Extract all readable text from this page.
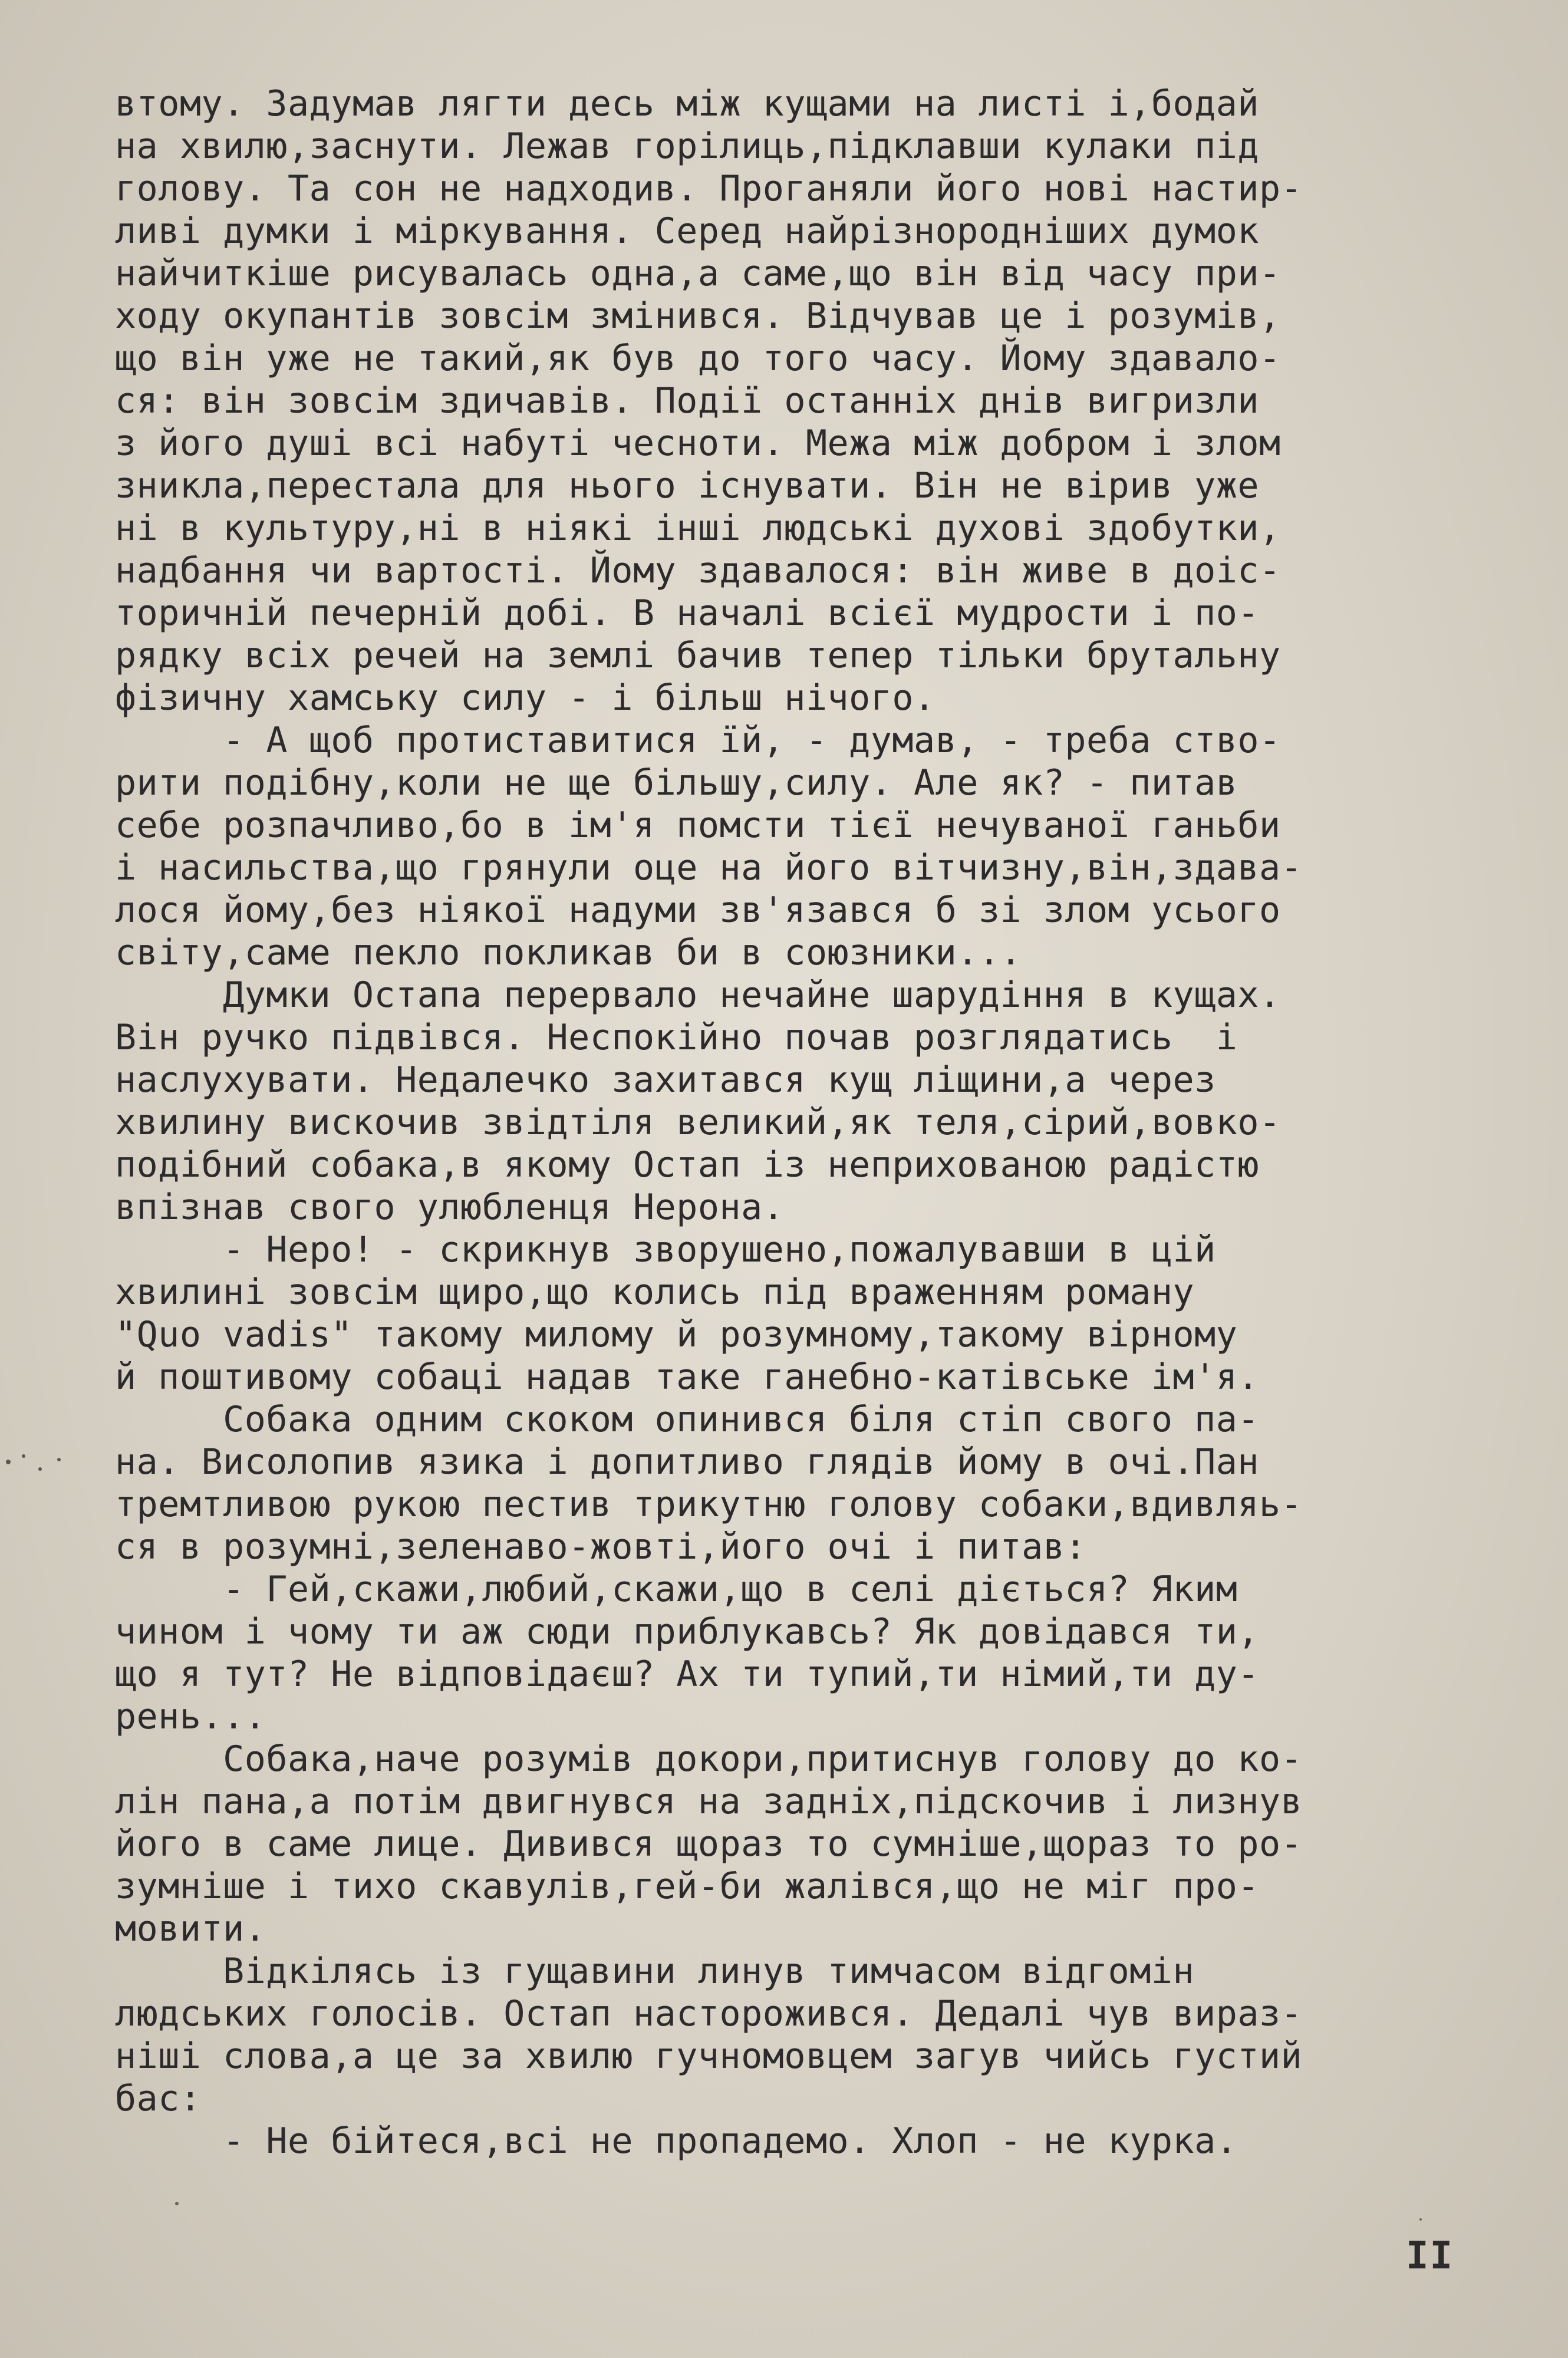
втому. Задумав лягти десь між кущами на листі і,бодай
на хвилю,заснути. Лежав горілиць,підклавши кулаки під
голову. Та сон не надходив. Проганяли його нові настир-
ливі думки і міркування. Серед найрізнородніших думок
найчиткіше рисувалась одна,а саме,що він від часу при-
ходу окупантів зовсім змінився. Відчував це і розумів,
що він уже не такий,як був до того часу. Йому здавало-
ся: він зовсім здичавів. Події останніх днів вигризли
з його душі всі набуті чесноти. Межа між добром і злом
зникла,перестала для нього існувати. Він не вірив уже
ні в культуру,ні в ніякі інші людські духові здобутки,
надбання чи вартості. Йому здавалося: він живе в доіс-
торичній печерній добі. В началі всієї мудрости і по-
рядку всіх речей на землі бачив тепер тільки брутальну
фізичну хамську силу - і більш нічого.
- А щоб протиставитися їй, - думав, - треба ство-
рити подібну,коли не ще більшу,силу. Але як? - питав
себе розпачливо,бо в ім'я помсти тієї нечуваної ганьби
і насильства,що грянули оце на його вітчизну,він,здава-
лося йому,без ніякої надуми зв'язався б зі злом усього
світу,саме пекло покликав би в союзники...
Думки Остапа перервало нечайне шарудіння в кущах.
Він ручко підвівся. Неспокійно почав розглядатись  і
наслухувати. Недалечко захитався кущ ліщини,а через
хвилину вискочив звідтіля великий,як теля,сірий,вовко-
подібний собака,в якому Остап із неприхованою радістю
впізнав свого улюбленця Нерона.
- Неро! - скрикнув зворушено,пожалувавши в цій
хвилині зовсім щиро,що колись під враженням роману
"Quo vadis" такому милому й розумному,такому вірному
й поштивому собаці надав таке ганебно-катівське ім'я.
Собака одним скоком опинився біля стіп свого па-
на. Висолопив язика і допитливо глядів йому в очі.Пан
тремтливою рукою пестив трикутню голову собаки,вдивляь-
ся в розумні,зеленаво-жовті,його очі і питав:
- Гей,скажи,любий,скажи,що в селі діється? Яким
чином і чому ти аж сюди приблукавсь? Як довідався ти,
що я тут? Не відповідаєш? Ах ти тупий,ти німий,ти ду-
рень...
Собака,наче розумів докори,притиснув голову до ко-
лін пана,а потім двигнувся на задніх,підскочив і лизнув
його в саме лице. Дивився щораз то сумніше,щораз то ро-
зумніше і тихо скавулів,гей-би жалівся,що не міг про-
мовити.
Відкілясь із гущавини линув тимчасом відгомін
людських голосів. Остап насторожився. Дедалі чув вираз-
ніші слова,а це за хвилю гучномовцем загув чийсь густий
бас:
- Не бійтеся,всі не пропадемо. Хлоп - не курка.
II
